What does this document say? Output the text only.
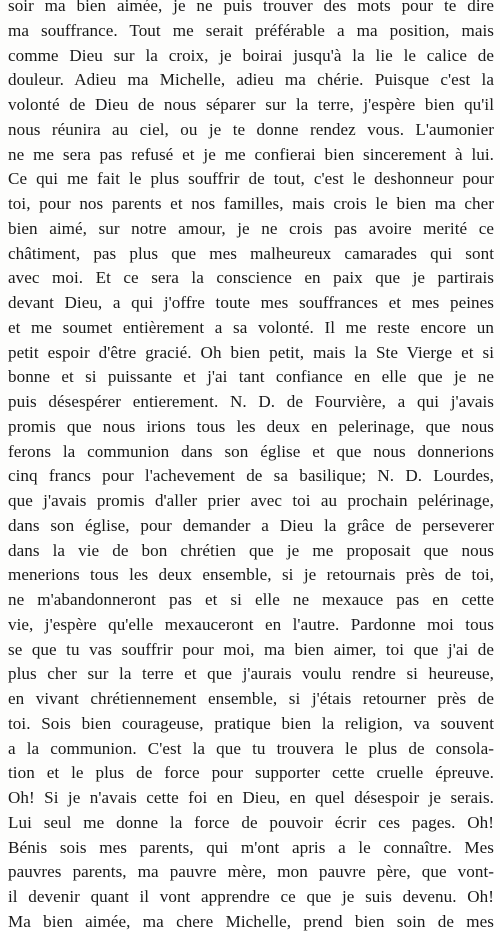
soir ma bien aimée, je ne puis trouver des mots pour te dire
ma souffrance. Tout me serait préférable a ma position, mais
comme Dieu sur la croix, je boirai jusqu'à la lie le calice de
douleur. Adieu ma Michelle, adieu ma chérie. Puisque c'est la
volonté de Dieu de nous séparer sur la terre, j'espère bien qu'il
nous réunira au ciel, ou je te donne rendez vous. L'aumonier
ne me sera pas refusé et je me confierai bien sincerement à lui.
Ce qui me fait le plus souffrir de tout, c'est le deshonneur pour
toi, pour nos parents et nos familles, mais crois le bien ma cher
bien aimé, sur notre amour, je ne crois pas avoire merité ce
châtiment, pas plus que mes malheureux camarades qui sont
avec moi. Et ce sera la conscience en paix que je partirais
devant Dieu, a qui j'offre toute mes souffrances et mes peines
et me soumet entièrement a sa volonté. Il me reste encore un
petit espoir d'être gracié. Oh bien petit, mais la Ste Vierge et si
bonne et si puissante et j'ai tant confiance en elle que je ne
puis désespérer entierement. N. D. de Fourvière, a qui j'avais
promis que nous irions tous les deux en pelerinage, que nous
ferons la communion dans son église et que nous donnerions
cinq francs pour l'achevement de sa basilique; N. D. Lourdes,
que j'avais promis d'aller prier avec toi au prochain pelérinage,
dans son église, pour demander a Dieu la grâce de perseverer
dans la vie de bon chrétien que je me proposait que nous
menerions tous les deux ensemble, si je retournais près de toi,
ne m'abandonneront pas et si elle ne mexauce pas en cette
vie, j'espère qu'elle mexauceront en l'autre. Pardonne moi tous
se que tu vas souffrir pour moi, ma bien aimer, toi que j'ai de
plus cher sur la terre et que j'aurais voulu rendre si heureuse,
en vivant chrétiennement ensemble, si j'étais retourner près de
toi. Sois bien courageuse, pratique bien la religion, va souvent
a la communion. C'est la que tu trouvera le plus de consola-
tion et le plus de force pour supporter cette cruelle épreuve.
Oh! Si je n'avais cette foi en Dieu, en quel désespoir je serais.
Lui seul me donne la force de pouvoir écrir ces pages. Oh!
Bénis sois mes parents, qui m'ont apris a le connaître. Mes
pauvres parents, ma pauvre mère, mon pauvre père, que vont-
il devenir quant il vont apprendre ce que je suis devenu. Oh!
Ma bien aimée, ma chere Michelle, prend bien soin de mes
